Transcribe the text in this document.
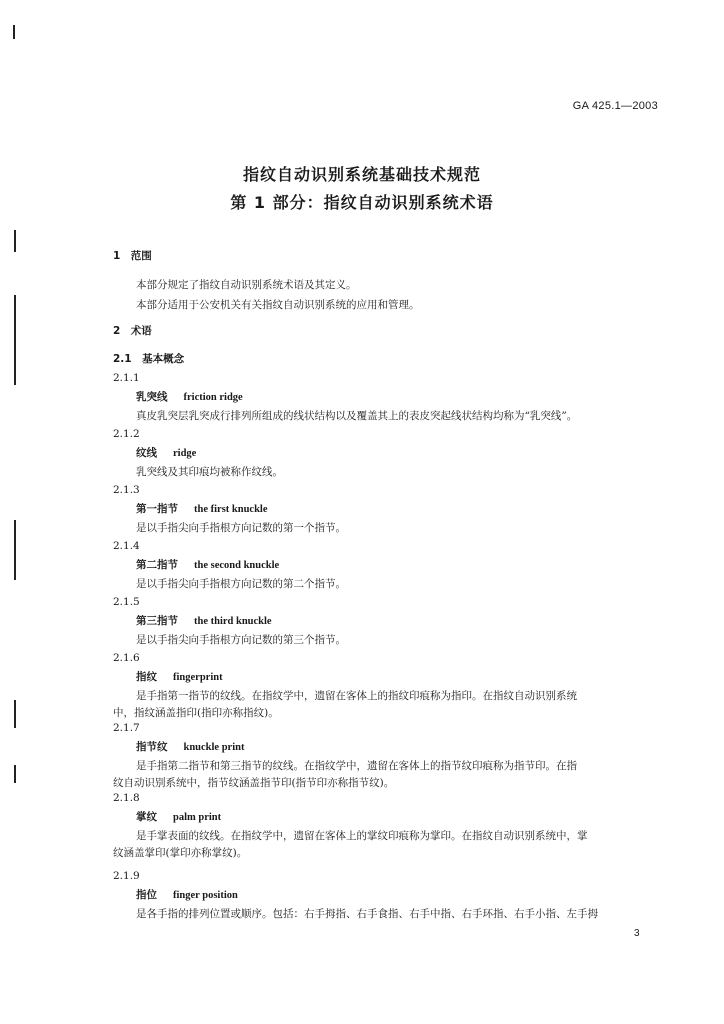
GA 425.1—2003
指纹自动识别系统基础技术规范
第 1 部分：指纹自动识别系统术语
1　范围
本部分规定了指纹自动识别系统术语及其定义。
本部分适用于公安机关有关指纹自动识别系统的应用和管理。
2　术语
2.1　基本概念
2.1.1
乳突线 friction ridge
真皮乳突层乳突成行排列所组成的线状结构以及覆盖其上的表皮突起线状结构均称为“乳突线”。
2.1.2
纹线 ridge
乳突线及其印痕均被称作纹线。
2.1.3
第一指节 the first knuckle
是以手指尖向手指根方向记数的第一个指节。
2.1.4
第二指节 the second knuckle
是以手指尖向手指根方向记数的第二个指节。
2.1.5
第三指节 the third knuckle
是以手指尖向手指根方向记数的第三个指节。
2.1.6
指纹 fingerprint
是手指第一指节的纹线。在指纹学中，遗留在客体上的指纹印痕称为指印。在指纹自动识别系统
中，指纹涵盖指印(指印亦称指纹)。
2.1.7
指节纹 knuckle print
是手指第二指节和第三指节的纹线。在指纹学中，遗留在客体上的指节纹印痕称为指节印。在指
纹自动识别系统中，指节纹涵盖指节印(指节印亦称指节纹)。
2.1.8
掌纹 palm print
是手掌表面的纹线。在指纹学中，遗留在客体上的掌纹印痕称为掌印。在指纹自动识别系统中，掌
纹涵盖掌印(掌印亦称掌纹)。
2.1.9
指位 finger position
是各手指的排列位置或顺序。包括：右手拇指、右手食指、右手中指、右手环指、右手小指、左手拇
3
